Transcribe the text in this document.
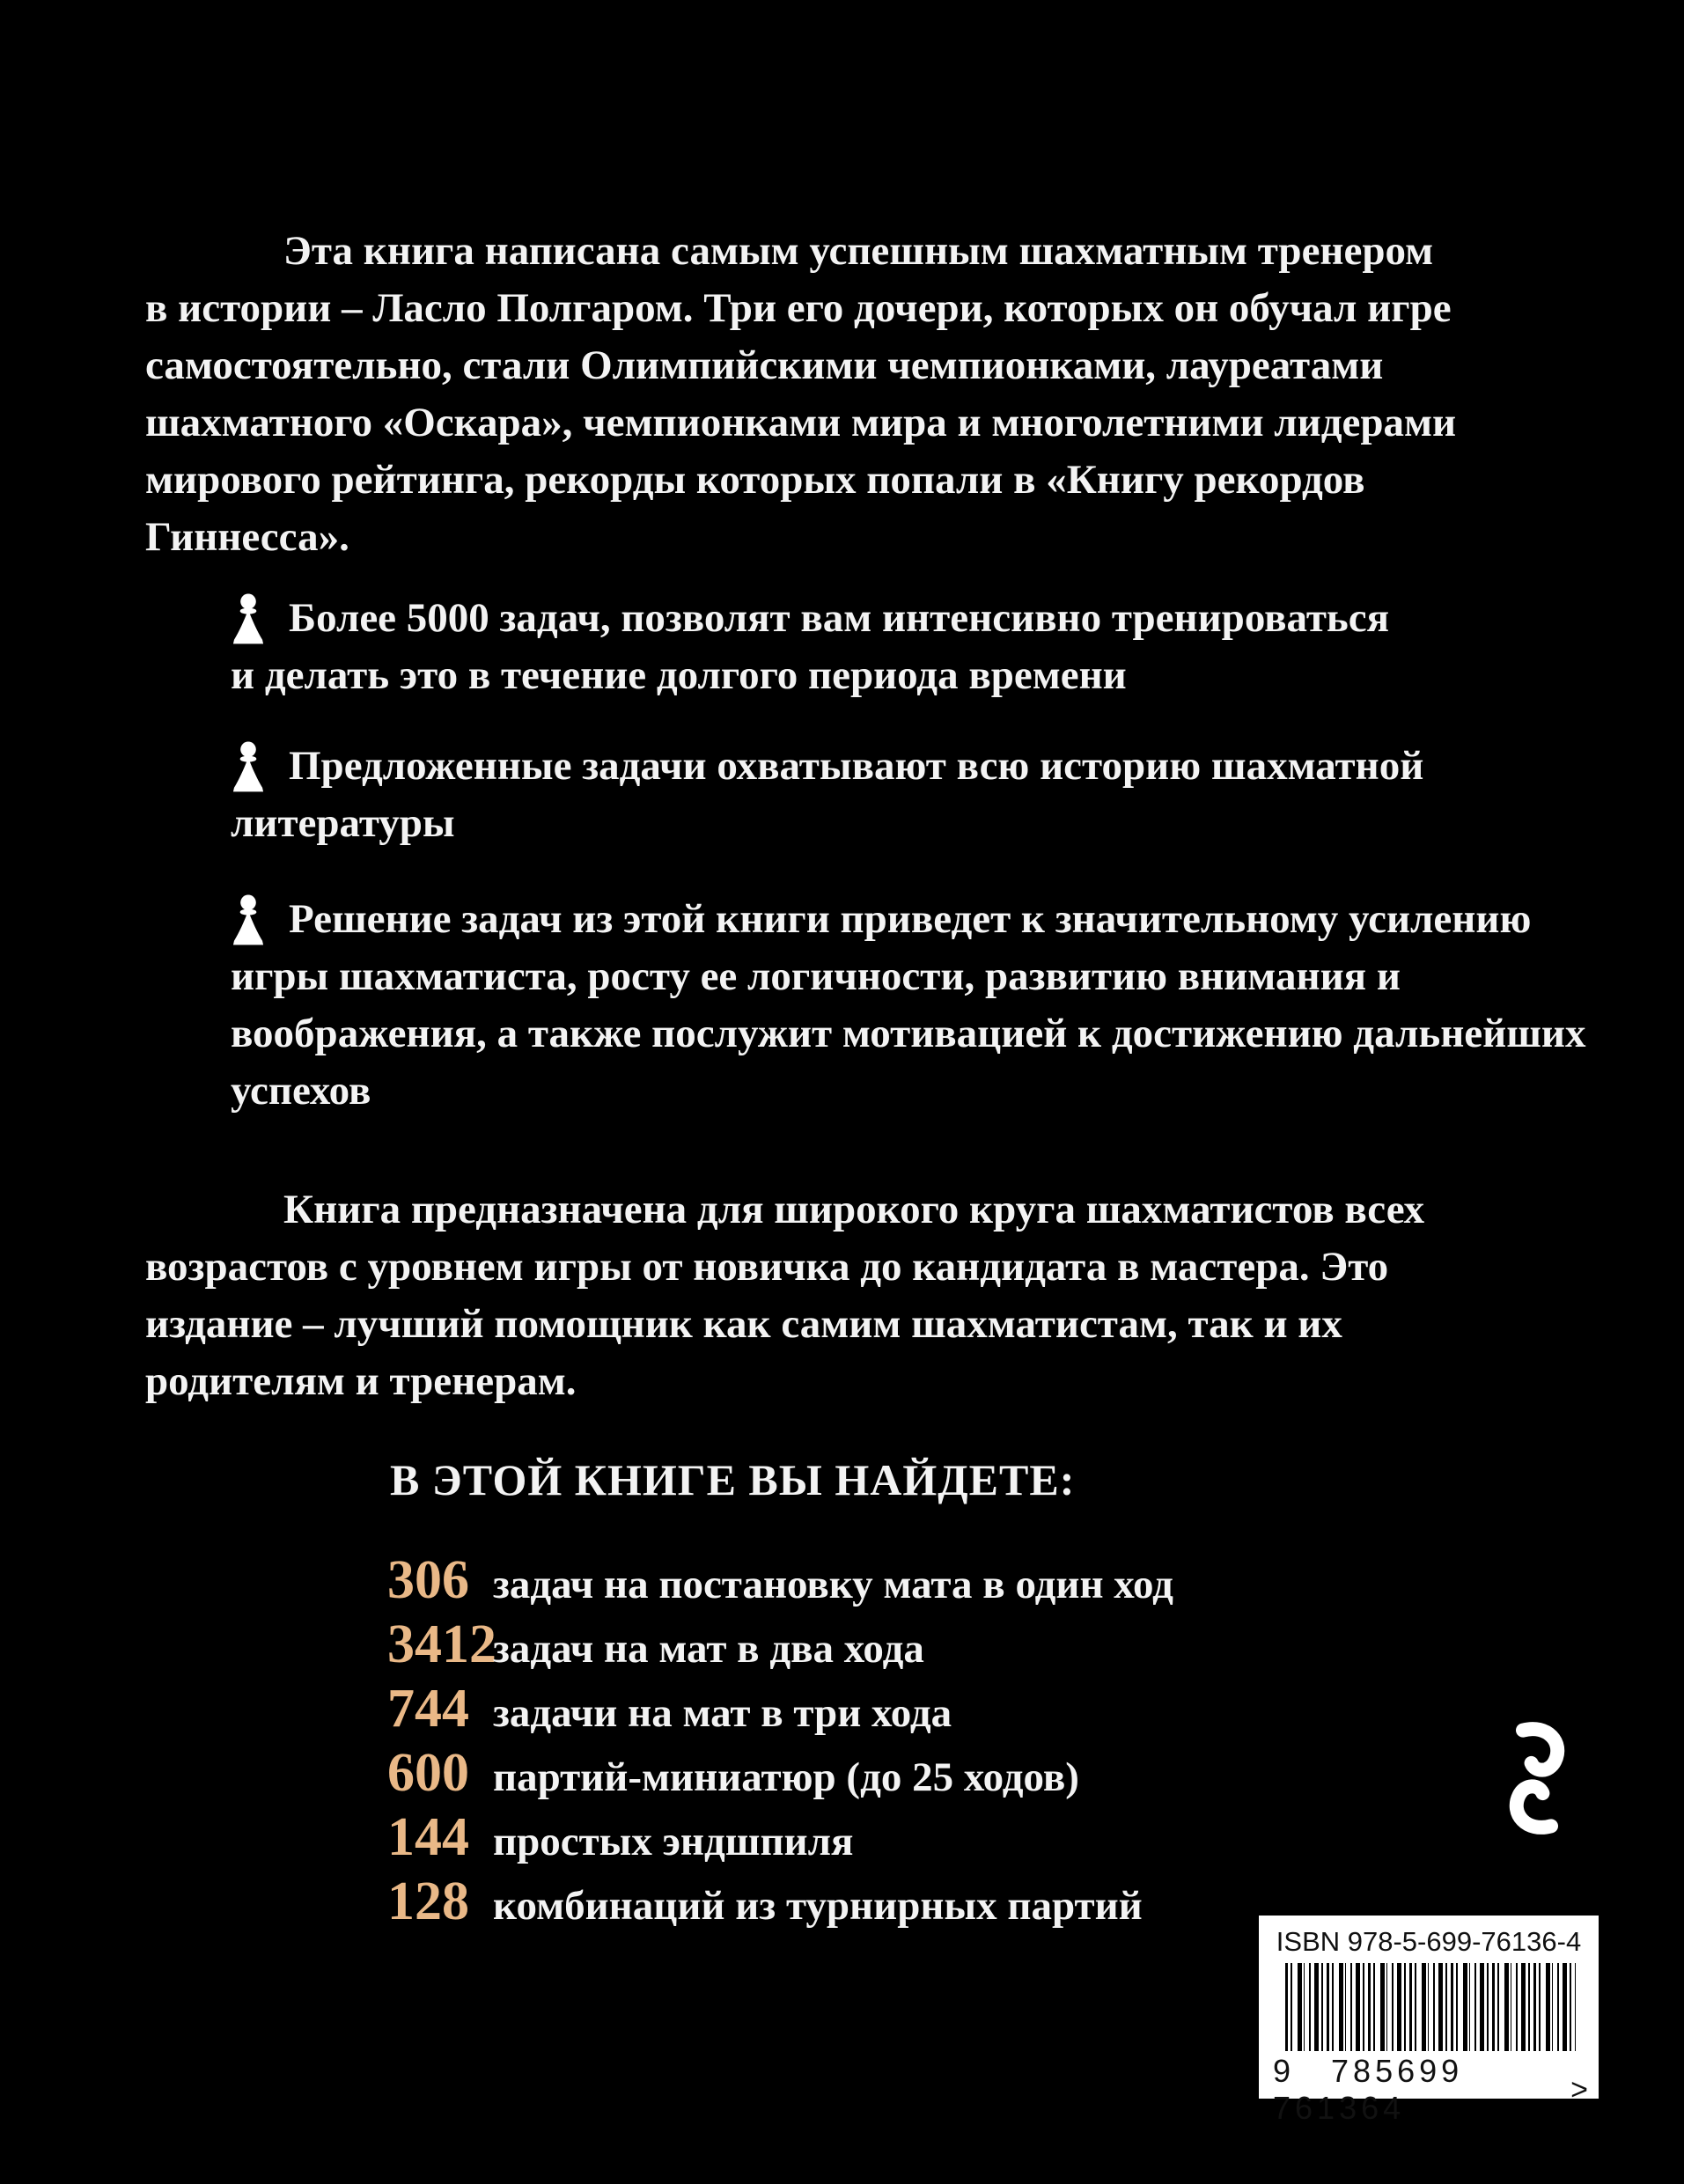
Эта книга написана самым успешным шахматным тренером
в истории – Ласло Полгаром. Три его дочери, которых он обучал игре
самостоятельно, стали Олимпийскими чемпионками, лауреатами
шахматного «Оскара», чемпионками мира и многолетними лидерами
мирового рейтинга, рекорды которых попали в «Книгу рекордов
Гиннесса».
Более 5000 задач, позволят вам интенсивно тренироваться
и делать это в течение долгого периода времени
Предложенные задачи охватывают всю историю шахматной
литературы
Решение задач из этой книги приведет к значительному усилению
игры шахматиста, росту ее логичности, развитию внимания и
воображения, а также послужит мотивацией к достижению дальнейших
успехов
Книга предназначена для широкого круга шахматистов всех
возрастов с уровнем игры от новичка до кандидата в мастера. Это
издание – лучший помощник как самим шахматистам, так и их
родителям и тренерам.
В ЭТОЙ КНИГЕ ВЫ НАЙДЕТЕ:
306 задач на постановку мата в один ход
3412
задач на мат в два хода
744 задачи на мат в три хода
600 партий-миниатюр (до 25 ходов)
144 простых эндшпиля
128 комбинаций из турнирных партий
ISBN 978-5-699-76136-4
9 785699 761364
>
